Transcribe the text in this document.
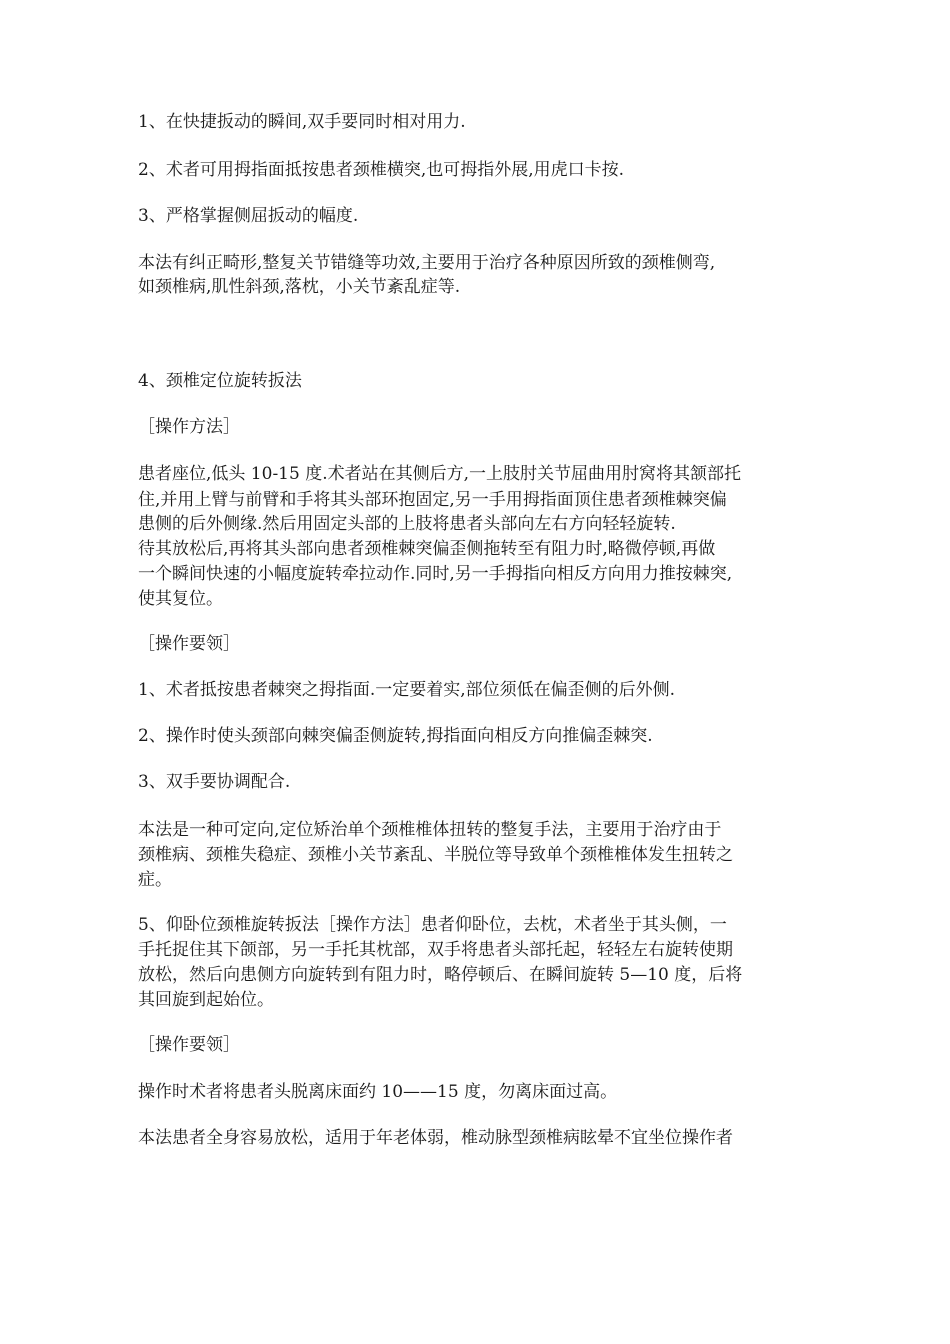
1、在快捷扳动的瞬间,双手要同时相对用力.
2、术者可用拇指面抵按患者颈椎横突,也可拇指外展,用虎口卡按.
3、严格掌握侧屈扳动的幅度.
本法有纠正畸形,整复关节错缝等功效,主要用于治疗各种原因所致的颈椎侧弯,
如颈椎病,肌性斜颈,落枕，小关节紊乱症等.
4、颈椎定位旋转扳法
［操作方法］
患者座位,低头 10-15 度.术者站在其侧后方,一上肢肘关节屈曲用肘窝将其颔部托
住,并用上臂与前臂和手将其头部环抱固定,另一手用拇指面顶住患者颈椎棘突偏
患侧的后外侧缘.然后用固定头部的上肢将患者头部向左右方向轻轻旋转.
待其放松后,再将其头部向患者颈椎棘突偏歪侧拖转至有阻力时,略微停顿,再做
一个瞬间快速的小幅度旋转牵拉动作.同时,另一手拇指向相反方向用力推按棘突,
使其复位。
［操作要领］
1、术者抵按患者棘突之拇指面.一定要着实,部位须低在偏歪侧的后外侧.
2、操作时使头颈部向棘突偏歪侧旋转,拇指面向相反方向推偏歪棘突.
3、双手要协调配合.
本法是一种可定向,定位矫治单个颈椎椎体扭转的整复手法，主要用于治疗由于
颈椎病、颈椎失稳症、颈椎小关节紊乱、半脱位等导致单个颈椎椎体发生扭转之
症。
5、仰卧位颈椎旋转扳法［操作方法］患者仰卧位，去枕，术者坐于其头侧，一
手托捉住其下颌部，另一手托其枕部，双手将患者头部托起，轻轻左右旋转使期
放松，然后向患侧方向旋转到有阻力时，略停顿后、在瞬间旋转 5—10 度，后将
其回旋到起始位。
［操作要领］
操作时术者将患者头脱离床面约 10——15 度，勿离床面过高。
本法患者全身容易放松，适用于年老体弱，椎动脉型颈椎病眩晕不宜坐位操作者
